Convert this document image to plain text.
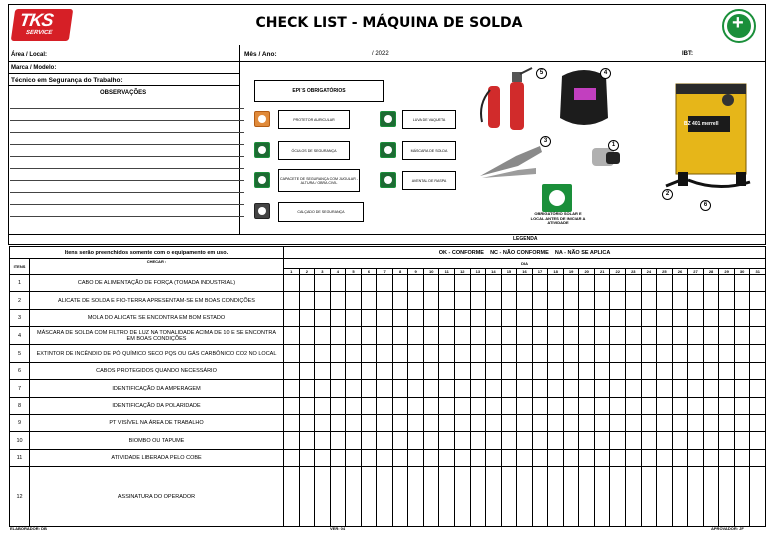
TKS
SERVICE
CHECK LIST - MÁQUINA DE SOLDA	+
Área / Local:	Mês / Ano:	/ 2022	IBT:
Marca / Modelo:
Técnico em Segurança do Trabalho:
OBSERVAÇÕES	EPI´S OBRIGATÓRIOS
PROTETOR AURICULAR	LUVA DE VAQUETA
ÓCULOS DE SEGURANÇA	MÁSCARA DE SOLDA
CAPACETE DE SEGURANÇA COM JUGULAR - ALTURA / OBRA CIVIL	AVENTAL DE RASPA
CALÇADO DE SEGURANÇA
BZ 401 merrell
5	4
3
1
2
6
OBRIGATÓRIO SOLAR E LOCAL ANTES DE INICIAR A ATIVIDADE
LEGENDA
Itens serão preenchidos somente com o equipamento em uso.		OK - CONFORME    NC - NÃO CONFORME    NA - NÃO SE APLICA																														
ITENS	CHECAR :	DIA																														
		1	2	3	4	5	6	7	8	9	10	11	12	13	14	15	16	17	18	19	20	21	22	23	24	25	26	27	28	29	30	31
1	CABO DE ALIMENTAÇÃO DE FORÇA (TOMADA INDUSTRIAL)																															
2	ALICATE DE SOLDA E FIO-TERRA APRESENTAM-SE EM BOAS CONDIÇÕES																															
3	MOLA DO ALICATE SE ENCONTRA EM BOM ESTADO																															
4	MÁSCARA DE SOLDA COM FILTRO DE LUZ NA TONALIDADE ACIMA DE 10 E SE ENCONTRA EM BOAS CONDIÇÕES																															
5	EXTINTOR DE INCÊNDIO DE PÓ QUÍMICO SECO PQS OU GÁS CARBÔNICO CO2 NO LOCAL																															
6	CABOS PROTEGIDOS QUANDO NECESSÁRIO																															
7	IDENTIFICAÇÃO DA AMPERAGEM																															
8	IDENTIFICAÇÃO DA POLARIDADE																															
9	PT VISÍVEL NA ÁREA DE TRABALHO																															
10	BIOMBO OU TAPUME																															
11	ATIVIDADE LIBERADA PELO COBE																															
12	ASSINATURA DO OPERADOR																															
ELABORADOR: DB	VER: 04	APROVADOR: JF
